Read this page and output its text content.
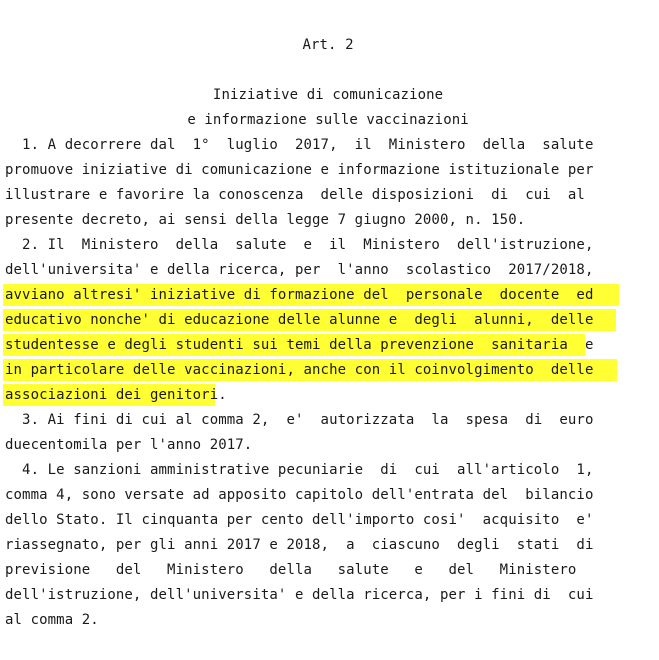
Art. 2

Iniziative di comunicazione

e informazione sulle vaccinazioni

1. A decorrere dal  1°  luglio  2017,  il  Ministero  della  salute
promuove iniziative di comunicazione e informazione istituzionale per
illustrare e favorire la conoscenza  delle disposizioni  di  cui  al
presente decreto, ai sensi della legge 7 giugno 2000, n. 150.
2. Il  Ministero  della  salute  e  il  Ministero  dell'istruzione,
dell'universita' e della ricerca, per  l'anno  scolastico  2017/2018,
avviano altresi' iniziative di formazione del  personale  docente  ed
educativo nonche' di educazione delle alunne e  degli  alunni,  delle
studentesse e degli studenti sui temi della prevenzione  sanitaria  e
in particolare delle vaccinazioni, anche con il coinvolgimento  delle
associazioni dei genitori.
3. Ai fini di cui al comma 2,  e'  autorizzata  la  spesa  di  euro
duecentomila per l'anno 2017.
4. Le sanzioni amministrative pecuniarie  di  cui  all'articolo  1,
comma 4, sono versate ad apposito capitolo dell'entrata del  bilancio
dello Stato. Il cinquanta per cento dell'importo cosi'  acquisito  e'
riassegnato, per gli anni 2017 e 2018,  a  ciascuno  degli  stati  di
previsione   del   Ministero   della   salute   e   del   Ministero
dell'istruzione, dell'universita' e della ricerca, per i fini di  cui
al comma 2.
